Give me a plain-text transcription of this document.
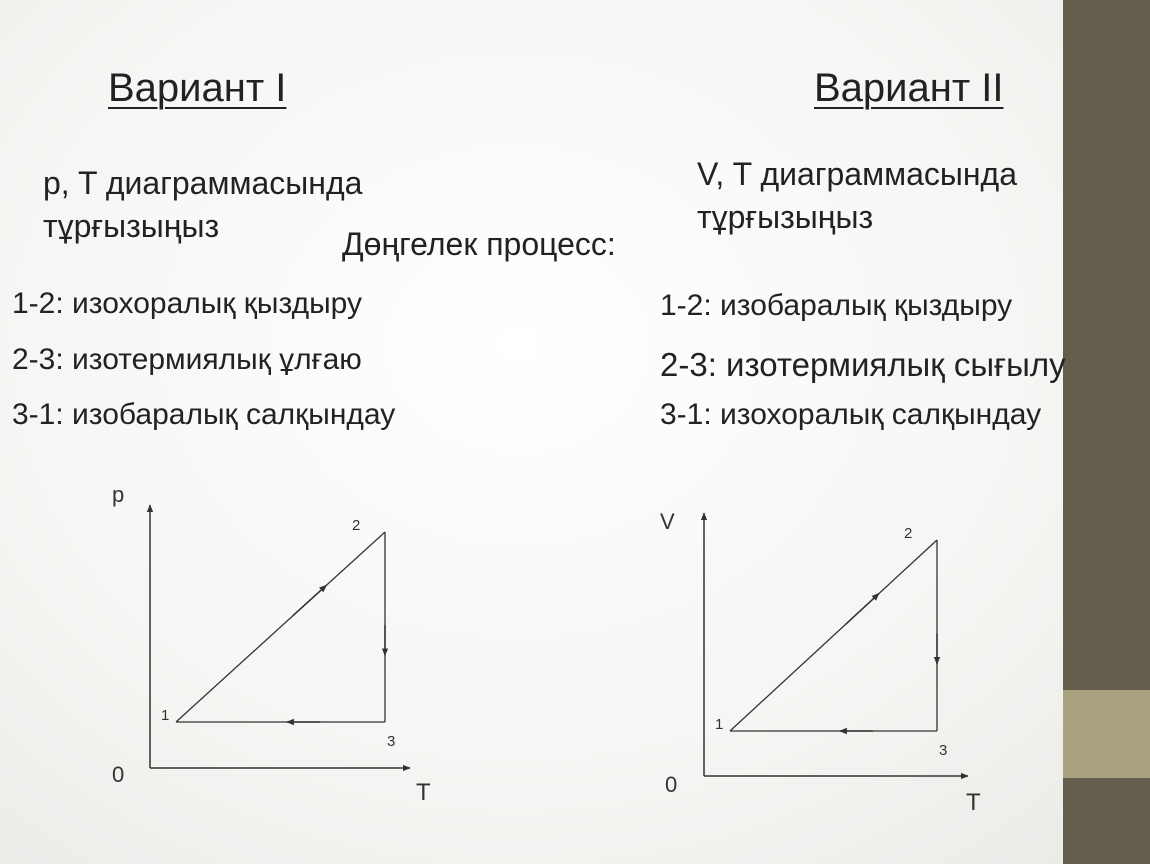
Вариант I	Вариант II

p, T диаграммасында тұрғызыңыз

V, T диаграммасында тұрғызыңыз

Дөңгелек процесс:

1-2: изохоралық қыздыру

2-3: изотермиялық ұлғаю

3-1: изобаралық салқындау

1-2: изобаралық қыздыру

2-3: изотермиялық сығылу

3-1: изохоралық салқындау

p
T
0
1
2
3
V
T
0
1
2
3
